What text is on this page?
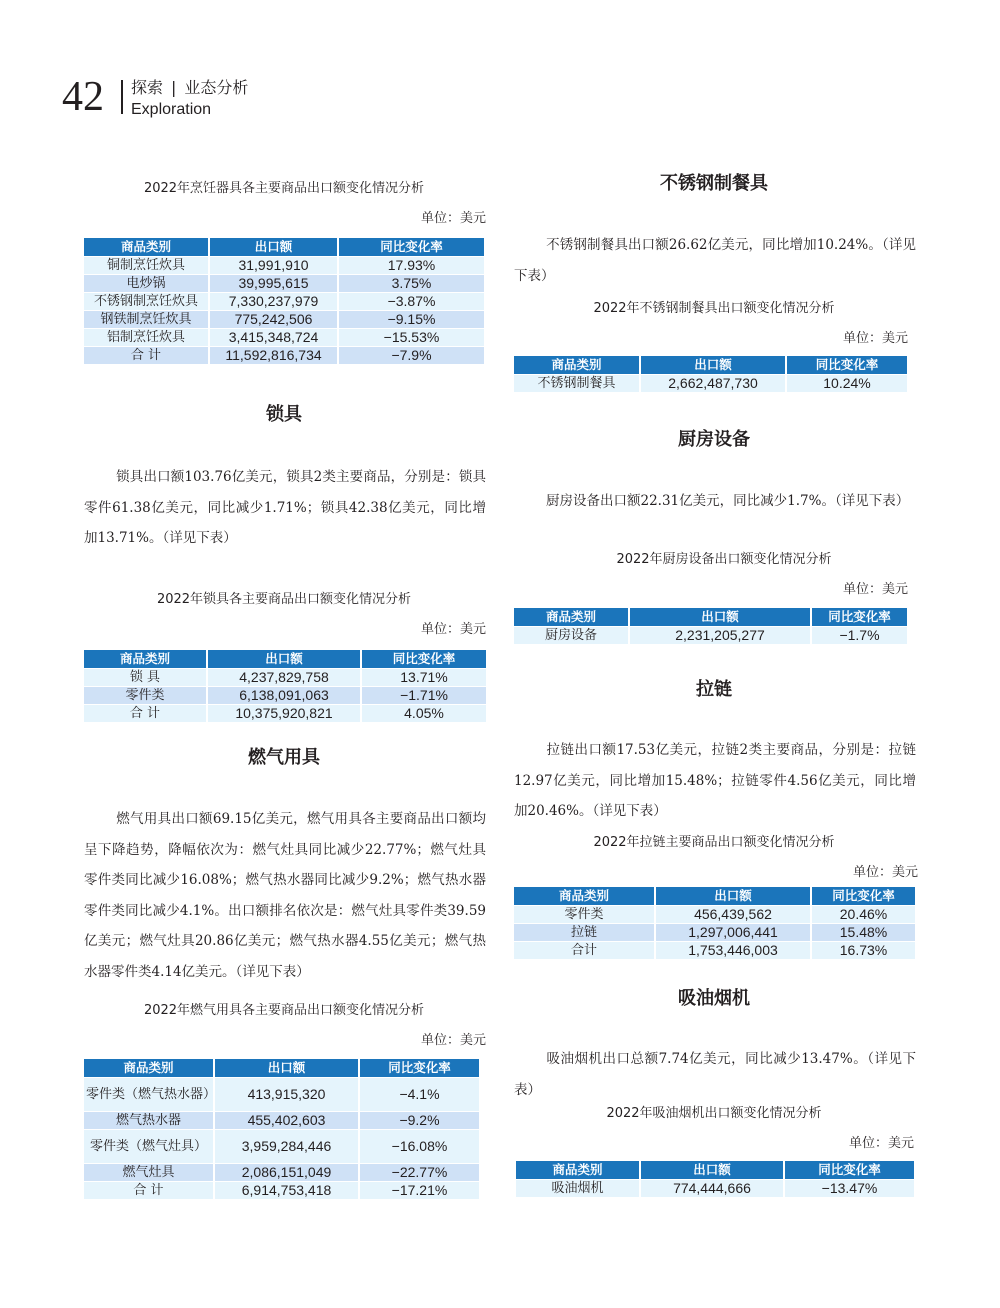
42 探索 | 业态分析
Exploration
2022年烹饪器具各主要商品出口额变化情况分析
单位：美元
商品类别	出口额	同比变化率
铜制烹饪炊具	31,991,910	17.93%
电炒锅	39,995,615	3.75%
不锈钢制烹饪炊具	7,330,237,979	−3.87%
钢铁制烹饪炊具	775,242,506	−9.15%
铝制烹饪炊具	3,415,348,724	−15.53%
合 计	11,592,816,734	−7.9%
锁具
锁具出口额103.76亿美元，锁具2类主要商品，分别是：锁具零件61.38亿美元，同比减少1.71%；锁具42.38亿美元，同比增加13.71%。（详见下表）
2022年锁具各主要商品出口额变化情况分析
单位：美元
商品类别	出口额	同比变化率
锁 具	4,237,829,758	13.71%
零件类	6,138,091,063	−1.71%
合 计	10,375,920,821	4.05%
燃气用具
燃气用具出口额69.15亿美元，燃气用具各主要商品出口额均呈下降趋势，降幅依次为：燃气灶具同比减少22.77%；燃气灶具零件类同比减少16.08%；燃气热水器同比减少9.2%；燃气热水器零件类同比减少4.1%。出口额排名依次是：燃气灶具零件类39.59亿美元；燃气灶具20.86亿美元；燃气热水器4.55亿美元；燃气热水器零件类4.14亿美元。（详见下表）
2022年燃气用具各主要商品出口额变化情况分析
单位：美元
商品类别	出口额	同比变化率
零件类（燃气热水器）	413,915,320	−4.1%
燃气热水器	455,402,603	−9.2%
零件类（燃气灶具）	3,959,284,446	−16.08%
燃气灶具	2,086,151,049	−22.77%
合 计	6,914,753,418	−17.21%
不锈钢制餐具
不锈钢制餐具出口额26.62亿美元，同比增加10.24%。（详见下表）
2022年不锈钢制餐具出口额变化情况分析
单位：美元
商品类别	出口额	同比变化率
不锈钢制餐具	2,662,487,730	10.24%
厨房设备
厨房设备出口额22.31亿美元，同比减少1.7%。（详见下表）
2022年厨房设备出口额变化情况分析
单位：美元
商品类别	出口额	同比变化率
厨房设备	2,231,205,277	−1.7%
拉链
拉链出口额17.53亿美元，拉链2类主要商品，分别是：拉链12.97亿美元，同比增加15.48%；拉链零件4.56亿美元，同比增加20.46%。（详见下表）
2022年拉链主要商品出口额变化情况分析
单位：美元
商品类别	出口额	同比变化率
零件类	456,439,562	20.46%
拉链	1,297,006,441	15.48%
合计	1,753,446,003	16.73%
吸油烟机
吸油烟机出口总额7.74亿美元，同比减少13.47%。（详见下表）
2022年吸油烟机出口额变化情况分析
单位：美元
商品类别	出口额	同比变化率
吸油烟机	774,444,666	−13.47%
